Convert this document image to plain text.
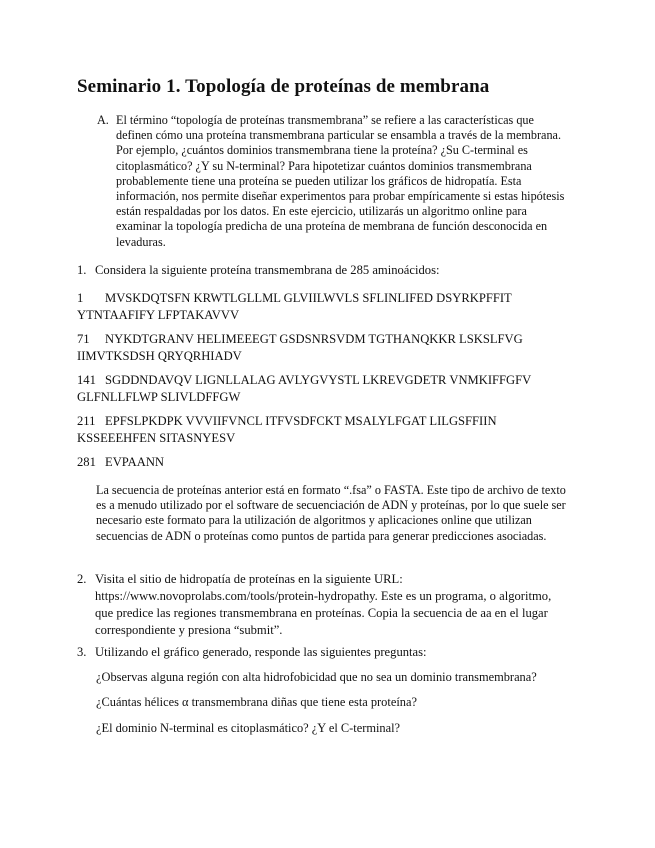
Seminario 1. Topología de proteínas de membrana
A. El término “topología de proteínas transmembrana” se refiere a las características que definen cómo una proteína transmembrana particular se ensambla a través de la membrana. Por ejemplo, ¿cuántos dominios transmembrana tiene la proteína? ¿Su C-terminal es citoplasmático? ¿Y su N-terminal? Para hipotetizar cuántos dominios transmembrana probablemente tiene una proteína se pueden utilizar los gráficos de hidropatía. Esta información, nos permite diseñar experimentos para probar empíricamente si estas hipótesis están respaldadas por los datos. En este ejercicio, utilizarás un algoritmo online para examinar la topología predicha de una proteína de membrana de función desconocida en levaduras.
1. Considera la siguiente proteína transmembrana de 285 aminoácidos:
1 MVSKDQTSFN KRWTLGLLML GLVIILWVLS SFLINLIFED DSYRKPFFIT YTNTAAFIFY LFPTAKAVVV
71 NYKDTGRANV HELIMEEEGT GSDSNRSVDM TGTHANQKKR LSKSLFVG IIMVTKSDSH QRYQRHIADV
141 SGDDNDAVQV LIGNLLALAG AVLYGVYSTL LKREVGDETR VNMKIFFGFV GLFNLLFLWP SLIVLDFFGW
211 EPFSLPKDPK VVVIIFVNCL ITFVSDFCKT MSALYLFGAT LILGSFFIIN KSSEEEHFEN SITASNYESV
281 EVPAANN
La secuencia de proteínas anterior está en formato “.fsa” o FASTA. Este tipo de archivo de texto es a menudo utilizado por el software de secuenciación de ADN y proteínas, por lo que suele ser necesario este formato para la utilización de algoritmos y aplicaciones online que utilizan secuencias de ADN o proteínas como puntos de partida para generar predicciones asociadas.
2. Visita el sitio de hidropatía de proteínas en la siguiente URL: https://www.novoprolabs.com/tools/protein-hydropathy. Este es un programa, o algoritmo, que predice las regiones transmembrana en proteínas. Copia la secuencia de aa en el lugar correspondiente y presiona “submit”.
3. Utilizando el gráfico generado, responde las siguientes preguntas:
¿Observas alguna región con alta hidrofobicidad que no sea un dominio transmembrana?
¿Cuántas hélices α transmembrana diñas que tiene esta proteína?
¿El dominio N-terminal es citoplasmático? ¿Y el C-terminal?
